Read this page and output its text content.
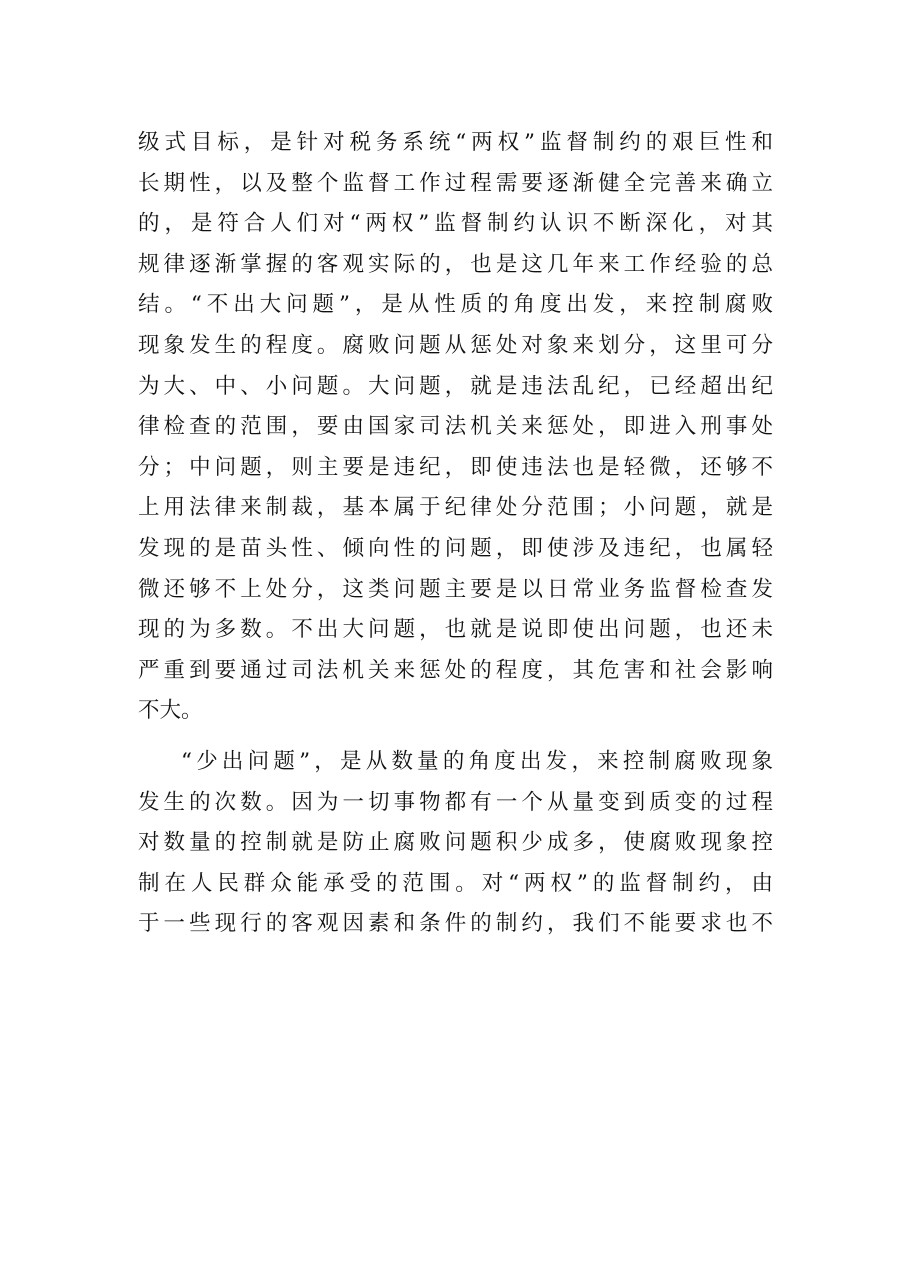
级式目标，是针对税务系统“两权”监督制约的艰巨性和
长期性，以及整个监督工作过程需要逐渐健全完善来确立
的，是符合人们对“两权”监督制约认识不断深化，对其
规律逐渐掌握的客观实际的，也是这几年来工作经验的总
结。“不出大问题”，是从性质的角度出发，来控制腐败
现象发生的程度。腐败问题从惩处对象来划分，这里可分
为大、中、小问题。大问题，就是违法乱纪，已经超出纪
律检查的范围，要由国家司法机关来惩处，即进入刑事处
分；中问题，则主要是违纪，即使违法也是轻微，还够不
上用法律来制裁，基本属于纪律处分范围；小问题，就是
发现的是苗头性、倾向性的问题，即使涉及违纪，也属轻
微还够不上处分，这类问题主要是以日常业务监督检查发
现的为多数。不出大问题，也就是说即使出问题，也还未
严重到要通过司法机关来惩处的程度，其危害和社会影响
不大。
“少出问题”，是从数量的角度出发，来控制腐败现象
发生的次数。因为一切事物都有一个从量变到质变的过程
对数量的控制就是防止腐败问题积少成多，使腐败现象控
制在人民群众能承受的范围。对“两权”的监督制约，由
于一些现行的客观因素和条件的制约，我们不能要求也不
